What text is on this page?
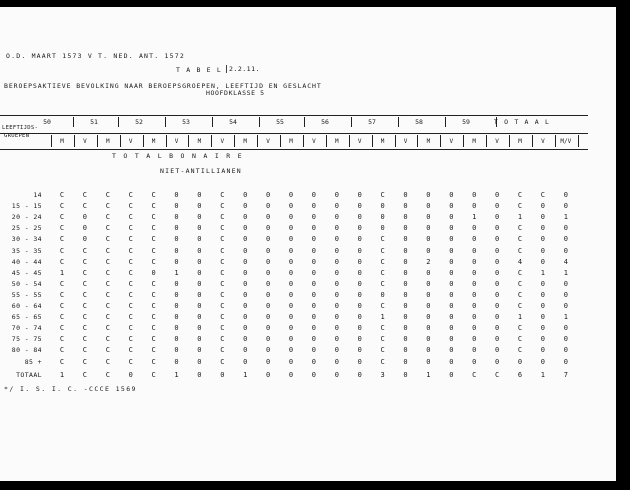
O.D. MAART 1573 V T. NED. ANT. 1572
T A B E L	2.2.11.
BEROEPSAKTIEVE BEVOLKING NAAR BEROEPSGROEPEN, LEEFTIJD EN GESLACHT
HOOFDKLASSE 5
LEEFTIJDS-
GROEPEN
50	51	52	53	54	55	56	57	58	59	T O T A A L
M	V	M	V	M	V	M	V	M	V	M	V	M	V	M	V	M	V	M	V	M	V	M/V
T O T A L B O N A I R E
NIET-ANTILLIANEN
14	C	C	C	C	C	0	0	C	0	0	0	0	0	0	C	0	0	0	0	0	C	C	0
15 - 15	C	C	C	C	C	0	0	C	0	0	0	0	0	0	0	0	0	0	0	0	C	0	0
20 - 24	C	0	C	C	C	0	0	C	0	0	0	0	0	0	0	0	0	0	1	0	1	0	1
25 - 25	C	0	C	C	C	0	0	C	0	0	0	0	0	0	0	0	0	0	0	0	C	0	0
30 - 34	C	0	C	C	C	0	0	C	0	0	0	0	0	0	C	0	0	0	0	0	C	0	0
35 - 35	C	C	C	C	C	0	0	C	0	0	0	0	0	0	C	0	0	0	0	0	C	0	0
40 - 44	C	C	C	C	C	0	0	C	0	0	0	0	0	0	C	0	2	0	0	0	4	0	4
45 - 45	1	C	C	C	0	1	0	C	0	0	0	0	0	0	C	0	0	0	0	0	C	1	1
50 - 54	C	C	C	C	C	0	0	C	0	0	0	0	0	0	C	0	0	0	0	0	C	0	0
55 - 55	C	C	C	C	C	0	0	C	0	0	0	0	0	0	0	0	0	0	0	0	C	0	0
60 - 64	C	C	C	C	C	0	0	C	0	0	0	0	0	0	C	0	0	0	0	0	C	0	0
65 - 65	C	C	C	C	C	0	0	C	0	0	0	0	0	0	1	0	0	0	0	0	1	0	1
70 - 74	C	C	C	C	C	0	0	C	0	0	0	0	0	0	C	0	0	0	0	0	C	0	0
75 - 75	C	C	C	C	C	0	0	C	0	0	0	0	0	0	C	0	0	0	0	0	C	0	0
80 - 84	C	C	C	C	C	0	0	C	0	0	0	0	0	0	C	0	0	0	0	0	C	0	0
85 +	C	C	C	C	C	0	0	C	0	0	0	0	0	0	C	0	0	0	0	0	0	0	0
TOTAAL	1	C	C	0	C	1	0	0	1	0	0	0	0	0	3	0	1	0	C	C	6	1	7
*/ I. S. I. C. -CCCE 1569
